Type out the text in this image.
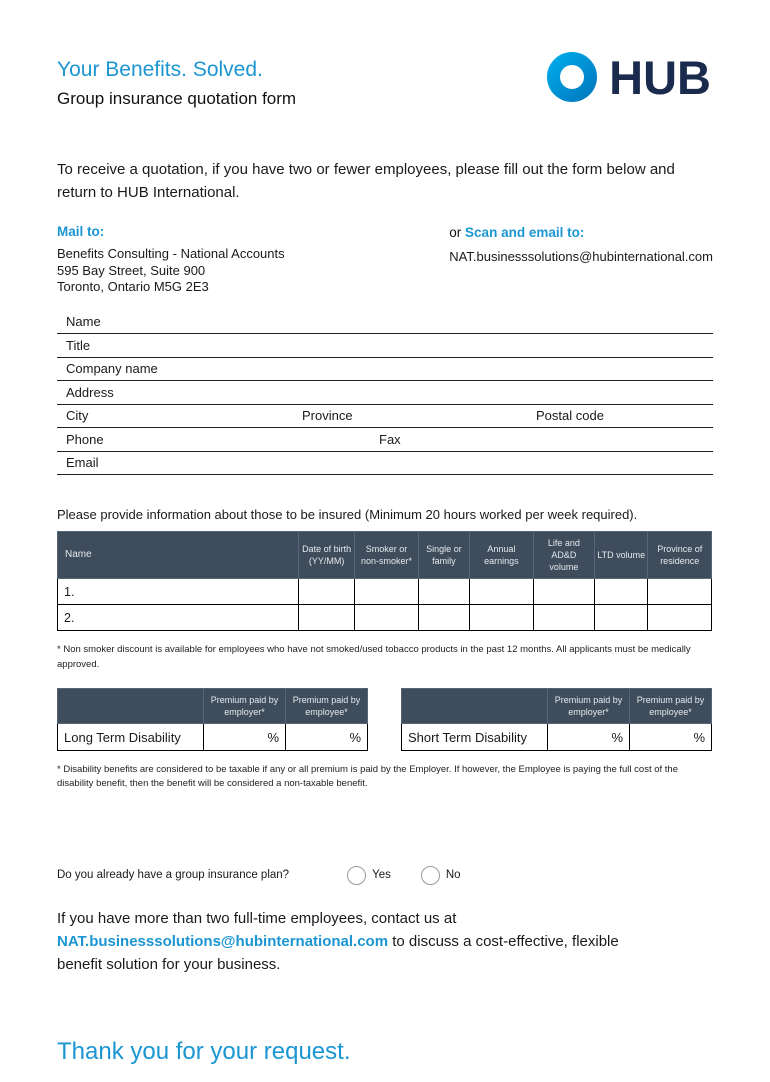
Your Benefits. Solved.

Group insurance quotation form	HUB

To receive a quotation, if you have two or fewer employees, please fill out the form below and return to HUB International.

Mail to:
Benefits Consulting - National Accounts
595 Bay Street, Suite 900
Toronto, Ontario M5G 2E3
or Scan and email to:
NAT.businesssolutions@hubinternational.com
Name
Title
Company name
Address
City	Province	Postal code
Phone	Fax
Email

Please provide information about those to be insured (Minimum 20 hours worked per week required).

Name	Date of birth (YY/MM)	Smoker or non-smoker*	Single or family	Annual earnings	Life and AD&D volume	LTD volume	Province of residence
1.							
2.							

* Non smoker discount is available for employees who have not smoked/used tobacco products in the past 12 months. All applicants must be medically approved.

	Premium paid by employer*	Premium paid by employee*
Long Term Disability	%	%
	Premium paid by employer*	Premium paid by employee*
Short Term Disability	%	%

* Disability benefits are considered to be taxable if any or all premium is paid by the Employer. If however, the Employee is paying the full cost of the disability benefit, then the benefit will be considered a non-taxable benefit.

Do you already have a group insurance plan?	Yes	No

If you have more than two full-time employees, contact us at NAT.businesssolutions@hubinternational.com to discuss a cost-effective, flexible benefit solution for your business.

Thank you for your request.
